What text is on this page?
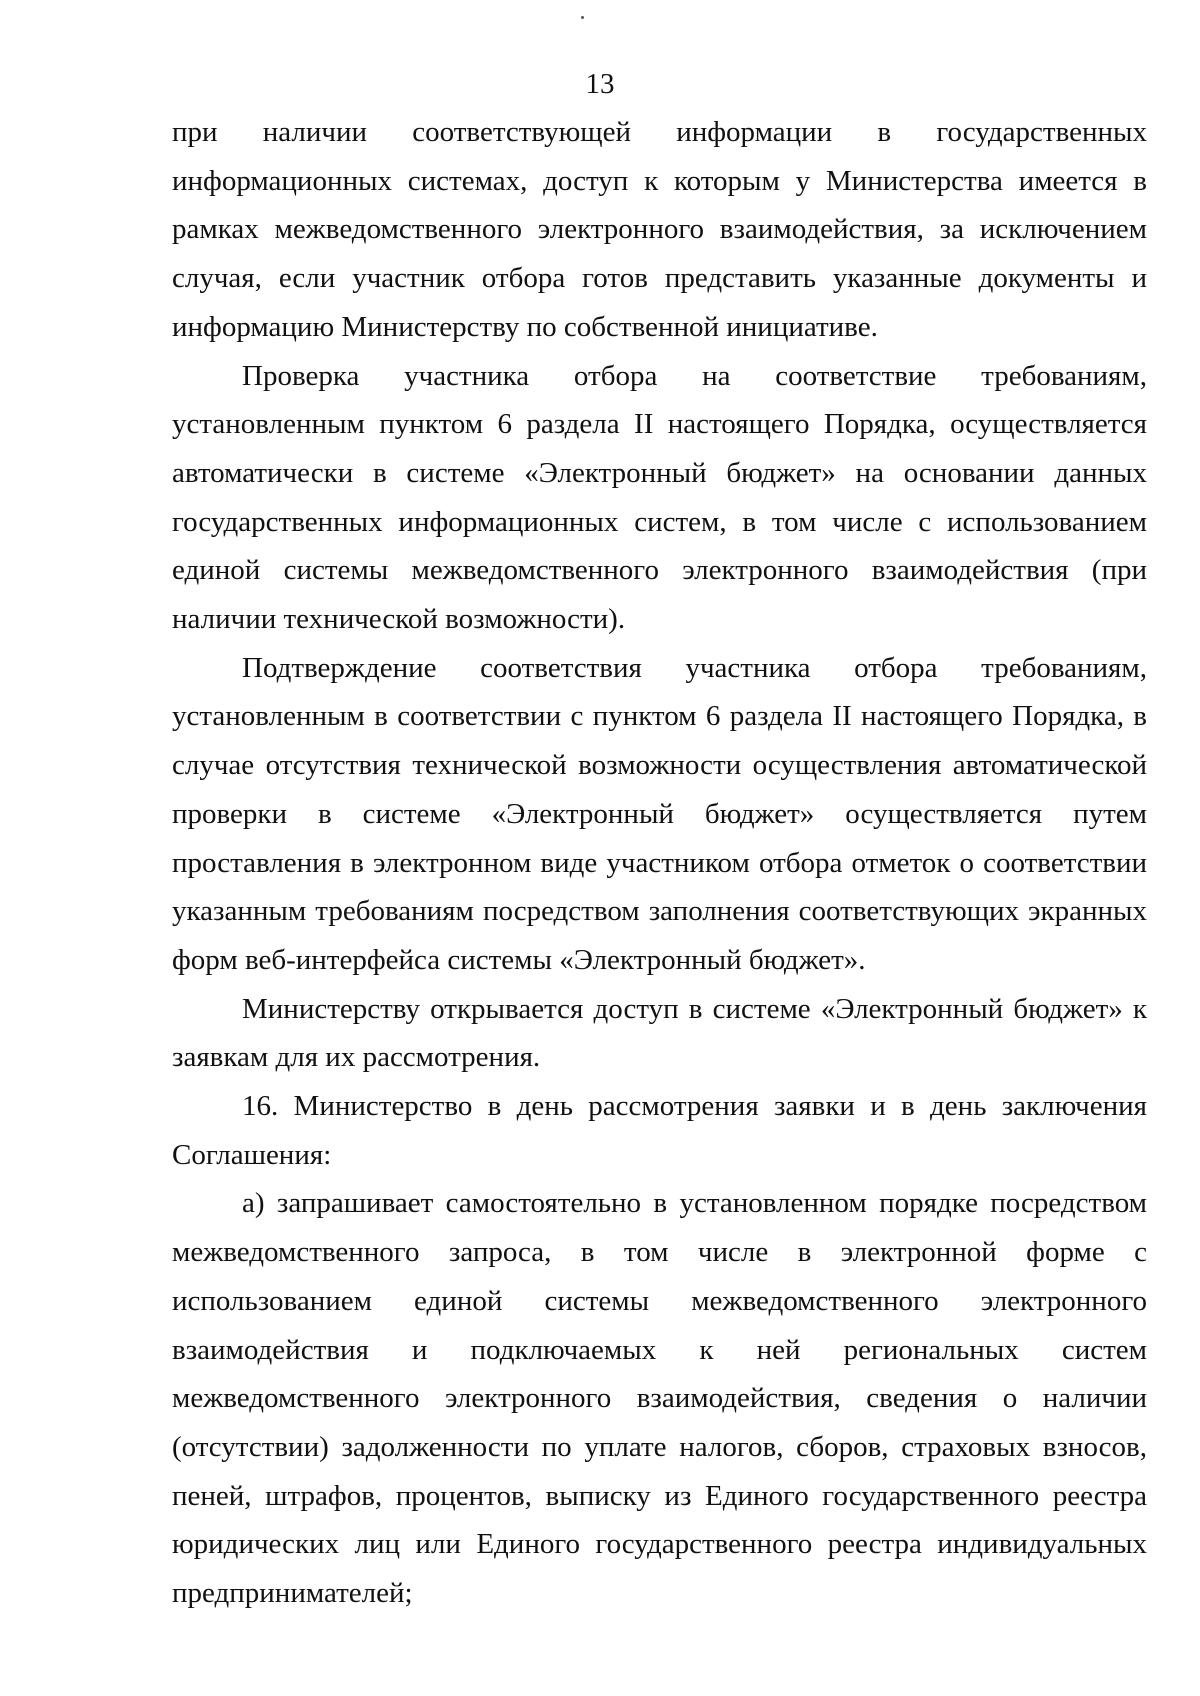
13

при наличии соответствующей информации в государственных информационных системах, доступ к которым у Министерства имеется в рамках межведомственного электронного взаимодействия, за исключением случая, если участник отбора готов представить указанные документы и информацию Министерству по собственной инициативе.

Проверка участника отбора на соответствие требованиям, установленным пунктом 6 раздела II настоящего Порядка, осуществляется автоматически в системе «Электронный бюджет» на основании данных государственных информационных систем, в том числе с использованием единой системы межведомственного электронного взаимодействия (при наличии технической возможности).

Подтверждение соответствия участника отбора требованиям, установленным в соответствии с пунктом 6 раздела II настоящего Порядка, в случае отсутствия технической возможности осуществления автоматической проверки в системе «Электронный бюджет» осуществляется путем проставления в электронном виде участником отбора отметок о соответствии указанным требованиям посредством заполнения соответствующих экранных форм веб-интерфейса системы «Электронный бюджет».

Министерству открывается доступ в системе «Электронный бюджет» к заявкам для их рассмотрения.

16. Министерство в день рассмотрения заявки и в день заключения Соглашения:

а) запрашивает самостоятельно в установленном порядке посредством межведомственного запроса, в том числе в электронной форме с использованием единой системы межведомственного электронного взаимодействия и подключаемых к ней региональных систем межведомственного электронного взаимодействия, сведения о наличии (отсутствии) задолженности по уплате налогов, сборов, страховых взносов, пеней, штрафов, процентов, выписку из Единого государственного реестра юридических лиц или Единого государственного реестра индивидуальных предпринимателей;
